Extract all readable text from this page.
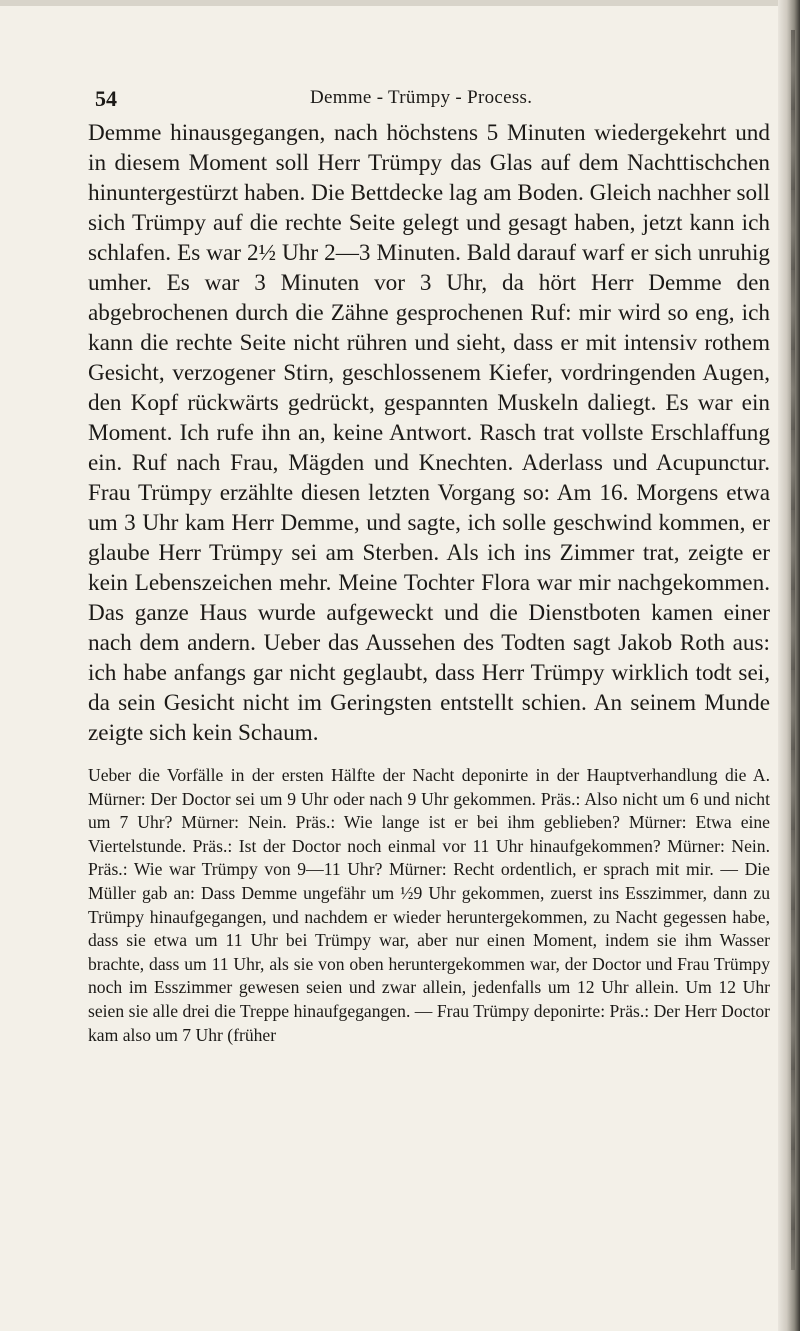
54	Demme - Trümpy - Process.

Demme hinausgegangen, nach höchstens 5 Minuten wiedergekehrt und in diesem Moment soll Herr Trümpy das Glas auf dem Nachttischchen hinuntergestürzt haben. Die Bettdecke lag am Boden. Gleich nachher soll sich Trümpy auf die rechte Seite gelegt und gesagt haben, jetzt kann ich schlafen. Es war 2½ Uhr 2—3 Minuten. Bald darauf warf er sich unruhig umher. Es war 3 Minuten vor 3 Uhr, da hört Herr Demme den abgebrochenen durch die Zähne gesprochenen Ruf: mir wird so eng, ich kann die rechte Seite nicht rühren und sieht, dass er mit intensiv rothem Gesicht, verzogener Stirn, geschlossenem Kiefer, vordringenden Augen, den Kopf rückwärts gedrückt, gespannten Muskeln daliegt. Es war ein Moment. Ich rufe ihn an, keine Antwort. Rasch trat vollste Erschlaffung ein. Ruf nach Frau, Mägden und Knechten. Aderlass und Acupunctur. Frau Trümpy erzählte diesen letzten Vorgang so: Am 16. Morgens etwa um 3 Uhr kam Herr Demme, und sagte, ich solle geschwind kommen, er glaube Herr Trümpy sei am Sterben. Als ich ins Zimmer trat, zeigte er kein Lebenszeichen mehr. Meine Tochter Flora war mir nachgekommen. Das ganze Haus wurde aufgeweckt und die Dienstboten kamen einer nach dem andern. Ueber das Aussehen des Todten sagt Jakob Roth aus: ich habe anfangs gar nicht geglaubt, dass Herr Trümpy wirklich todt sei, da sein Gesicht nicht im Geringsten entstellt schien. An seinem Munde zeigte sich kein Schaum.

Ueber die Vorfälle in der ersten Hälfte der Nacht deponirte in der Hauptverhandlung die A. Mürner: Der Doctor sei um 9 Uhr oder nach 9 Uhr gekommen. Präs.: Also nicht um 6 und nicht um 7 Uhr? Mürner: Nein. Präs.: Wie lange ist er bei ihm geblieben? Mürner: Etwa eine Viertelstunde. Präs.: Ist der Doctor noch einmal vor 11 Uhr hinaufgekommen? Mürner: Nein. Präs.: Wie war Trümpy von 9—11 Uhr? Mürner: Recht ordentlich, er sprach mit mir. — Die Müller gab an: Dass Demme ungefähr um ½9 Uhr gekommen, zuerst ins Esszimmer, dann zu Trümpy hinaufgegangen, und nachdem er wieder heruntergekommen, zu Nacht gegessen habe, dass sie etwa um 11 Uhr bei Trümpy war, aber nur einen Moment, indem sie ihm Wasser brachte, dass um 11 Uhr, als sie von oben heruntergekommen war, der Doctor und Frau Trümpy noch im Esszimmer gewesen seien und zwar allein, jedenfalls um 12 Uhr allein. Um 12 Uhr seien sie alle drei die Treppe hinaufgegangen. — Frau Trümpy deponirte: Präs.: Der Herr Doctor kam also um 7 Uhr (früher
